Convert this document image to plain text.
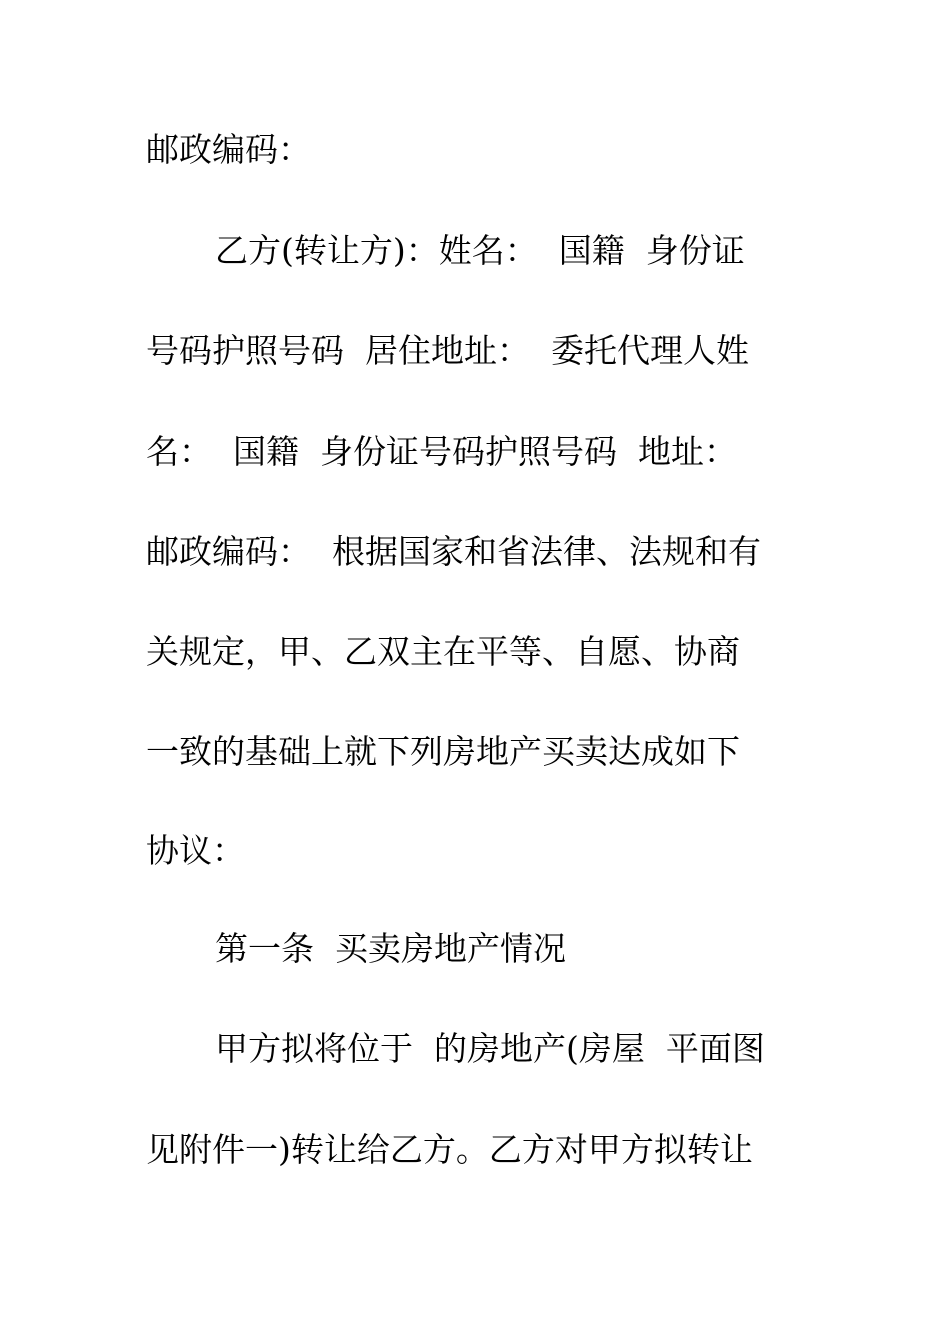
邮政编码：
乙方(转让方)：姓名：  国籍  身份证
号码护照号码  居住地址：  委托代理人姓
名：  国籍  身份证号码护照号码  地址：
邮政编码：  根据国家和省法律、法规和有
关规定，甲、乙双主在平等、自愿、协商
一致的基础上就下列房地产买卖达成如下
协议：
第一条  买卖房地产情况
甲方拟将位于  的房地产(房屋  平面图
见附件一)转让给乙方。乙方对甲方拟转让
